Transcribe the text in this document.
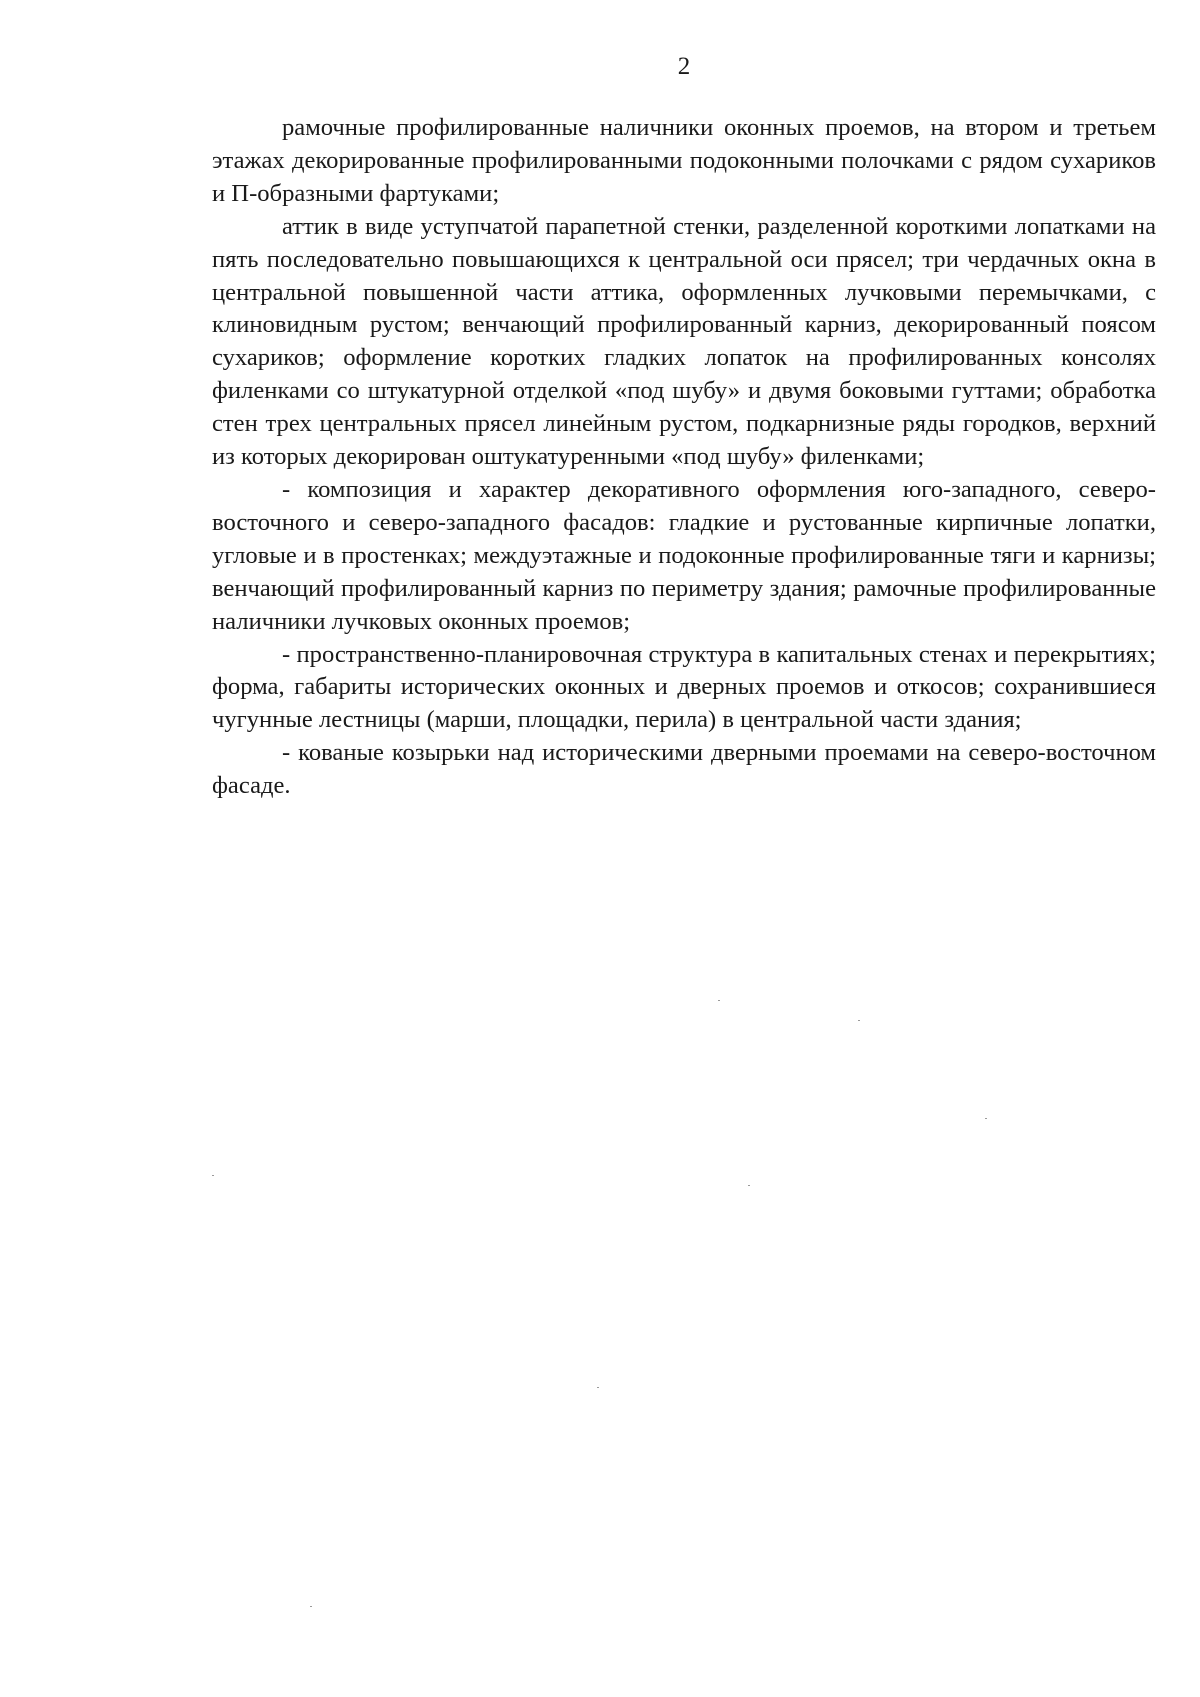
2

рамочные профилированные наличники оконных проемов, на втором и третьем этажах декорированные профилированными подоконными полочками с рядом сухариков и П-образными фартуками;

аттик в виде уступчатой парапетной стенки, разделенной короткими лопатками на пять последовательно повышающихся к центральной оси прясел; три чердачных окна в центральной повышенной части аттика, оформленных лучковыми перемычками, с клиновидным рустом; венчающий профилированный карниз, декорированный поясом сухариков; оформление коротких гладких лопаток на профилированных консолях филенками со штукатурной отделкой «под шубу» и двумя боковыми гуттами; обработка стен трех центральных прясел линейным рустом, подкарнизные ряды городков, верхний из которых декорирован оштукатуренными «под шубу» филенками;

- композиция и характер декоративного оформления юго-западного, северо-восточного и северо-западного фасадов: гладкие и рустованные кирпичные лопатки, угловые и в простенках; междуэтажные и подоконные профилированные тяги и карнизы; венчающий профилированный карниз по периметру здания; рамочные профилированные наличники лучковых оконных проемов;

- пространственно-планировочная структура в капитальных стенах и перекрытиях; форма, габариты исторических оконных и дверных проемов и откосов; сохранившиеся чугунные лестницы (марши, площадки, перила) в центральной части здания;

- кованые козырьки над историческими дверными проемами на северо-восточном фасаде.
